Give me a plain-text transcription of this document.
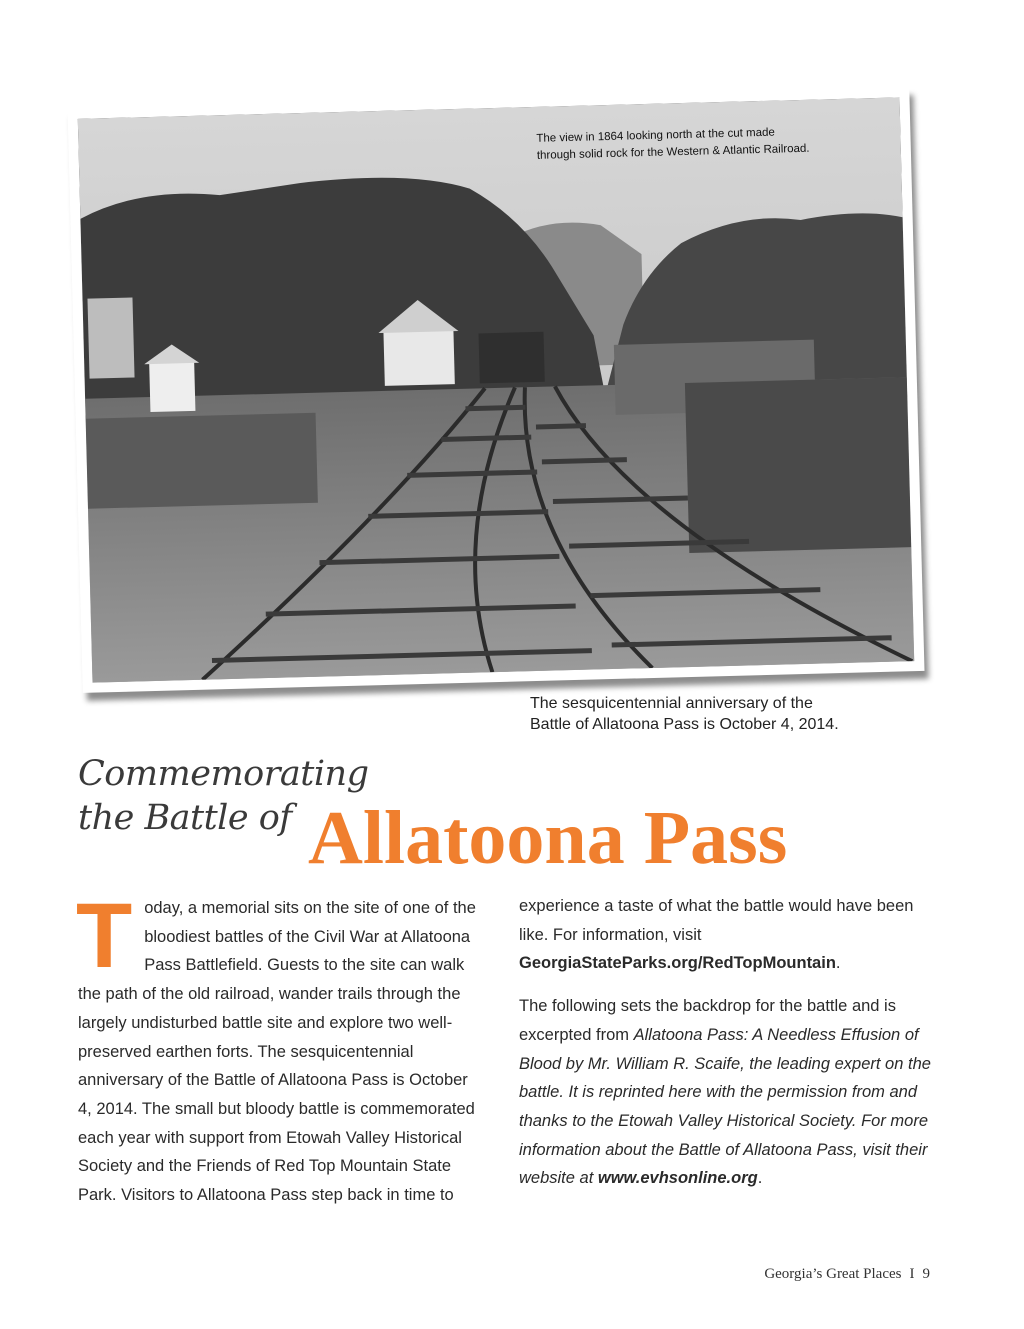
The view in 1864 looking north at the cut made
through solid rock for the Western & Atlantic Railroad.
The sesquicentennial anniversary of the
Battle of Allatoona Pass is October 4, 2014.
Commemorating
the Battle of Allatoona Pass

Today, a memorial sits on the site of one of the bloodiest battles of the Civil War at Allatoona Pass Battlefield. Guests to the site can walk the path of the old railroad, wander trails through the largely undisturbed battle site and explore two well-preserved earthen forts. The sesquicentennial anniversary of the Battle of Allatoona Pass is October 4, 2014. The small but bloody battle is commemorated each year with support from Etowah Valley Historical Society and the Friends of Red Top Mountain State Park. Visitors to Allatoona Pass step back in time to

experience a taste of what the battle would have been like. For information, visit GeorgiaStateParks.org/RedTopMountain.

The following sets the backdrop for the battle and is excerpted from Allatoona Pass: A Needless Effusion of Blood by Mr. William R. Scaife, the leading expert on the battle. It is reprinted here with the permission from and thanks to the Etowah Valley Historical Society. For more information about the Battle of Allatoona Pass, visit their website at www.evhsonline.org.

Georgia’s Great Places I 9
